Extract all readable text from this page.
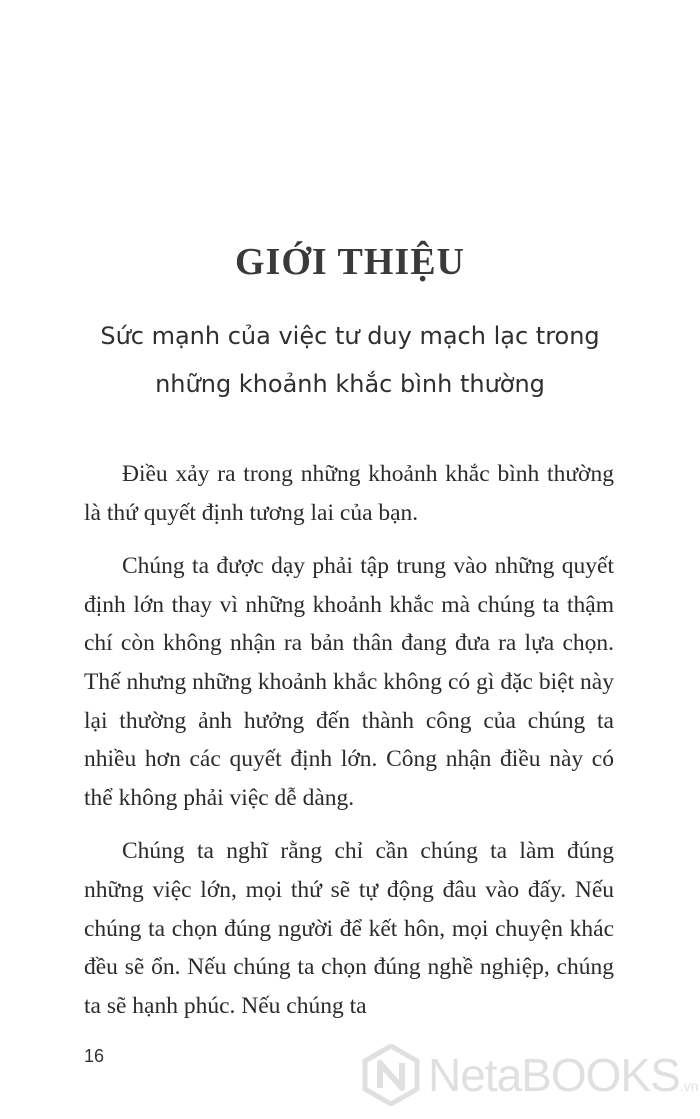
GIỚI THIỆU
Sức mạnh của việc tư duy mạch lạc trong
những khoảnh khắc bình thường

Điều xảy ra trong những khoảnh khắc bình thường là thứ quyết định tương lai của bạn.

Chúng ta được dạy phải tập trung vào những quyết định lớn thay vì những khoảnh khắc mà chúng ta thậm chí còn không nhận ra bản thân đang đưa ra lựa chọn. Thế nhưng những khoảnh khắc không có gì đặc biệt này lại thường ảnh hưởng đến thành công của chúng ta nhiều hơn các quyết định lớn. Công nhận điều này có thể không phải việc dễ dàng.

Chúng ta nghĩ rằng chỉ cần chúng ta làm đúng những việc lớn, mọi thứ sẽ tự động đâu vào đấy. Nếu chúng ta chọn đúng người để kết hôn, mọi chuyện khác đều sẽ ổn. Nếu chúng ta chọn đúng nghề nghiệp, chúng ta sẽ hạnh phúc. Nếu chúng ta

16	NetaBOOKS.vn
